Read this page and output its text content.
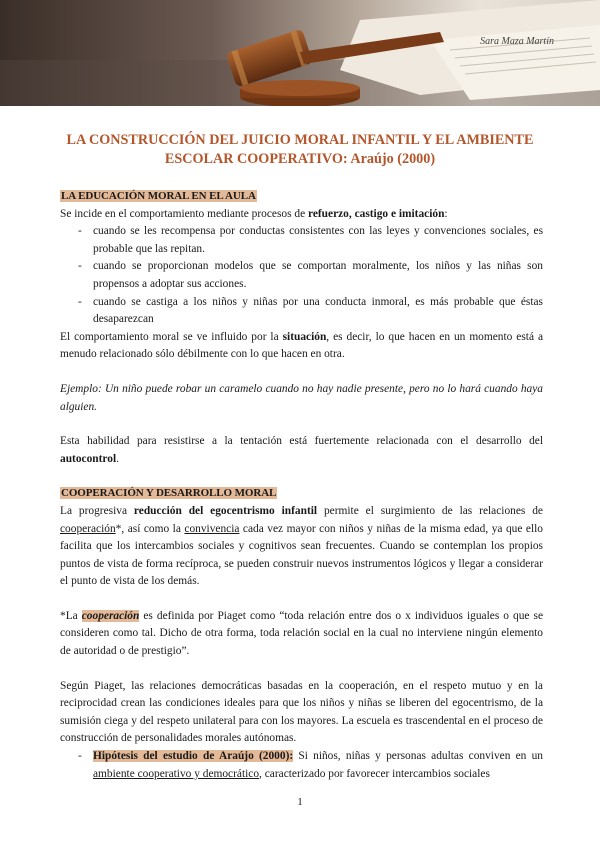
Sara Maza Martín
LA CONSTRUCCIÓN DEL JUICIO MORAL INFANTIL Y EL AMBIENTE
ESCOLAR COOPERATIVO: Araújo (2000)

LA EDUCACIÓN MORAL EN EL AULA

Se incide en el comportamiento mediante procesos de refuerzo, castigo e imitación:

- cuando se les recompensa por conductas consistentes con las leyes y convenciones sociales, es probable que las repitan.
- cuando se proporcionan modelos que se comportan moralmente, los niños y las niñas son propensos a adoptar sus acciones.
- cuando se castiga a los niños y niñas por una conducta inmoral, es más probable que éstas desaparezcan

El comportamiento moral se ve influido por la situación, es decir, lo que hacen en un momento está a menudo relacionado sólo débilmente con lo que hacen en otra.

Ejemplo: Un niño puede robar un caramelo cuando no hay nadie presente, pero no lo hará cuando haya alguien.

Esta habilidad para resistirse a la tentación está fuertemente relacionada con el desarrollo del autocontrol.

COOPERACIÓN Y DESARROLLO MORAL

La progresiva reducción del egocentrismo infantil permite el surgimiento de las relaciones de cooperación*, así como la convivencia cada vez mayor con niños y niñas de la misma edad, ya que ello facilita que los intercambios sociales y cognitivos sean frecuentes. Cuando se contemplan los propios puntos de vista de forma recíproca, se pueden construir nuevos instrumentos lógicos y llegar a considerar el punto de vista de los demás.

*La cooperación es definida por Piaget como “toda relación entre dos o x individuos iguales o que se consideren como tal. Dicho de otra forma, toda relación social en la cual no interviene ningún elemento de autoridad o de prestigio”.

Según Piaget, las relaciones democráticas basadas en la cooperación, en el respeto mutuo y en la reciprocidad crean las condiciones ideales para que los niños y niñas se liberen del egocentrismo, de la sumisión ciega y del respeto unilateral para con los mayores. La escuela es trascendental en el proceso de construcción de personalidades morales autónomas.

- Hipótesis del estudio de Araújo (2000): Si niños, niñas y personas adultas conviven en un ambiente cooperativo y democrático, caracterizado por favorecer intercambios sociales
1
